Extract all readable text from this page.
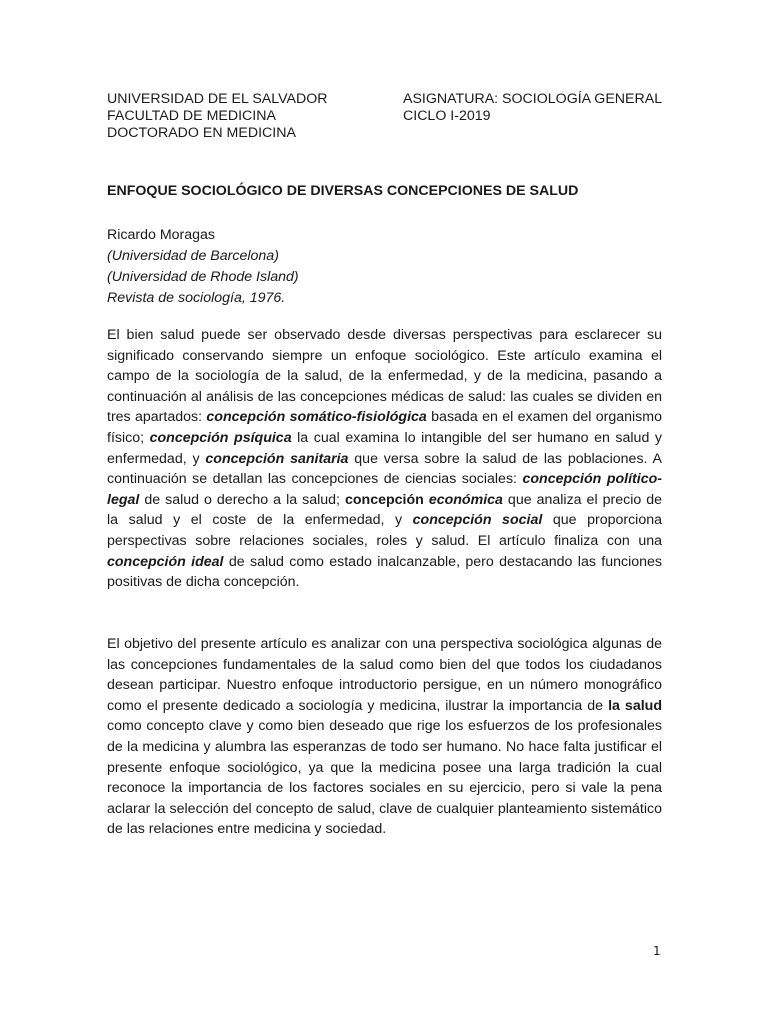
UNIVERSIDAD DE EL SALVADOR
FACULTAD DE MEDICINA
DOCTORADO EN MEDICINA
ASIGNATURA: SOCIOLOGÍA GENERAL
CICLO I-2019
ENFOQUE SOCIOLÓGICO DE DIVERSAS CONCEPCIONES DE SALUD
Ricardo Moragas
(Universidad de Barcelona)
(Universidad de Rhode Island)
Revista de sociología, 1976.

El bien salud puede ser observado desde diversas perspectivas para esclarecer su significado conservando siempre un enfoque sociológico. Este artículo examina el campo de la sociología de la salud, de la enfermedad, y de la medicina, pasando a continuación al análisis de las concepciones médicas de salud: las cuales se dividen en tres apartados: concepción somático-fisiológica basada en el examen del organismo físico; concepción psíquica la cual examina lo intangible del ser humano en salud y enfermedad, y concepción sanitaria que versa sobre la salud de las poblaciones. A continuación se detallan las concepciones de ciencias sociales: concepción político-legal de salud o derecho a la salud; concepción económica que analiza el precio de la salud y el coste de la enfermedad, y concepción social que proporciona perspectivas sobre relaciones sociales, roles y salud. El artículo finaliza con una concepción ideal de salud como estado inalcanzable, pero destacando las funciones positivas de dicha concepción.

El objetivo del presente artículo es analizar con una perspectiva sociológica algunas de las concepciones fundamentales de la salud como bien del que todos los ciudadanos desean participar. Nuestro enfoque introductorio persigue, en un número monográfico como el presente dedicado a sociología y medicina, ilustrar la importancia de la salud como concepto clave y como bien deseado que rige los esfuerzos de los profesionales de la medicina y alumbra las esperanzas de todo ser humano. No hace falta justificar el presente enfoque sociológico, ya que la medicina posee una larga tradición la cual reconoce la importancia de los factores sociales en su ejercicio, pero si vale la pena aclarar la selección del concepto de salud, clave de cualquier planteamiento sistemático de las relaciones entre medicina y sociedad.

1
